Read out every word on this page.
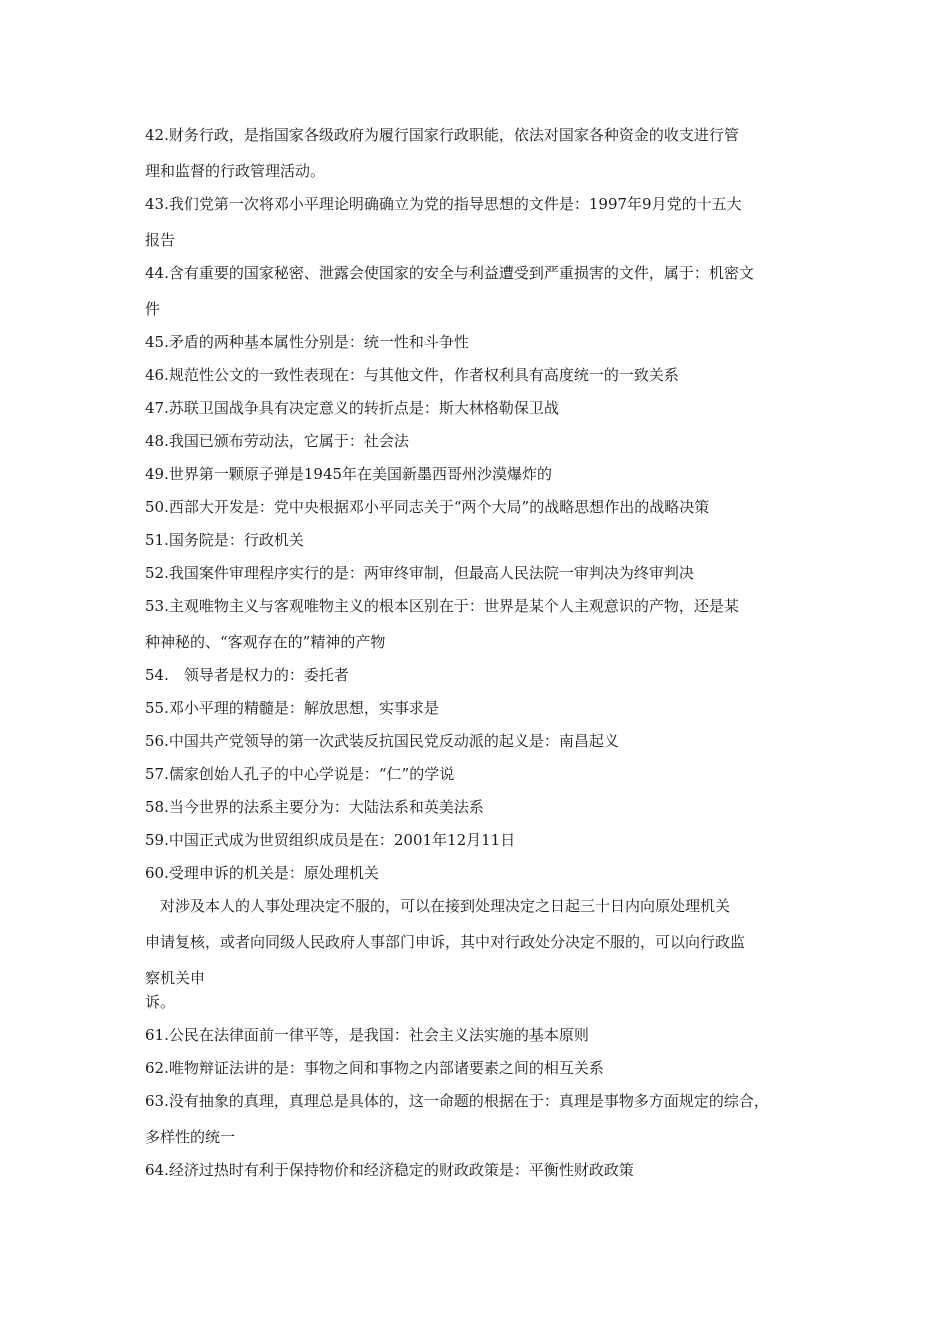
42.财务行政，是指国家各级政府为履行国家行政职能，依法对国家各种资金的收支进行管
理和监督的行政管理活动。
43.我们党第一次将邓小平理论明确确立为党的指导思想的文件是：1997年9月党的十五大
报告
44.含有重要的国家秘密、泄露会使国家的安全与利益遭受到严重损害的文件，属于：机密文
件
45.矛盾的两种基本属性分别是：统一性和斗争性
46.规范性公文的一致性表现在：与其他文件，作者权利具有高度统一的一致关系
47.苏联卫国战争具有决定意义的转折点是：斯大林格勒保卫战
48.我国已颁布劳动法，它属于：社会法
49.世界第一颗原子弹是1945年在美国新墨西哥州沙漠爆炸的
50.西部大开发是：党中央根据邓小平同志关于“两个大局”的战略思想作出的战略决策
51.国务院是：行政机关
52.我国案件审理程序实行的是：两审终审制，但最高人民法院一审判决为终审判决
53.主观唯物主义与客观唯物主义的根本区别在于：世界是某个人主观意识的产物，还是某
种神秘的、“客观存在的”精神的产物
54.　领导者是权力的：委托者
55.邓小平理的精髓是：解放思想，实事求是
56.中国共产党领导的第一次武装反抗国民党反动派的起义是：南昌起义
57.儒家创始人孔子的中心学说是：“仁”的学说
58.当今世界的法系主要分为：大陆法系和英美法系
59.中国正式成为世贸组织成员是在：2001年12月11日
60.受理申诉的机关是：原处理机关
对涉及本人的人事处理决定不服的，可以在接到处理决定之日起三十日内向原处理机关
申请复核，或者向同级人民政府人事部门申诉，其中对行政处分决定不服的，可以向行政监
察机关申
诉。
61.公民在法律面前一律平等，是我国：社会主义法实施的基本原则
62.唯物辩证法讲的是：事物之间和事物之内部诸要素之间的相互关系
63.没有抽象的真理，真理总是具体的，这一命题的根据在于：真理是事物多方面规定的综合，
多样性的统一
64.经济过热时有利于保持物价和经济稳定的财政政策是：平衡性财政政策
